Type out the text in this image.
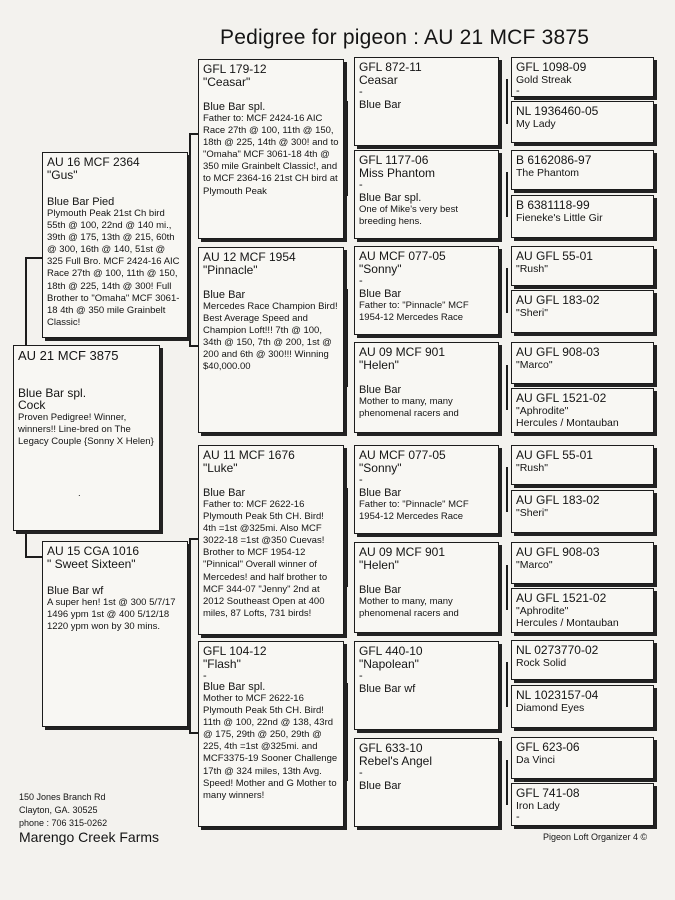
Pedigree for pigeon : AU 21 MCF 3875
AU 21 MCF 3875
Blue Bar spl.
Cock
Proven Pedigree! Winner, winners!! Line-bred on The Legacy Couple {Sonny X Helen}
.
AU 16 MCF 2364
"Gus"
Blue Bar Pied
Plymouth Peak 21st Ch bird 55th @ 100, 22nd @ 140 mi., 39th @ 175, 13th @ 215, 60th @ 300, 16th @ 140, 51st @ 325 Full Bro. MCF 2424-16 AIC Race 27th @ 100, 11th @ 150, 18th @ 225, 14th @ 300! Full Brother to "Omaha" MCF 3061-18 4th @ 350 mile Grainbelt Classic!
AU 15 CGA 1016
" Sweet Sixteen"
Blue Bar wf
A super hen! 1st @ 300 5/7/17 1496 ypm 1st @ 400 5/12/18 1220 ypm won by 30 mins.
GFL 179-12
"Ceasar"
Blue Bar spl.
Father to: MCF 2424-16 AIC Race 27th @ 100, 11th @ 150, 18th @ 225, 14th @ 300! and to "Omaha" MCF 3061-18 4th @ 350 mile Grainbelt Classic!, and to MCF 2364-16 21st CH bird at Plymouth Peak
AU 12 MCF 1954
"Pinnacle"
Blue Bar
Mercedes Race Champion Bird! Best Average Speed and Champion Loft!!! 7th @ 100, 34th @ 150, 7th @ 200, 1st @ 200 and 6th @ 300!!! Winning $40,000.00
AU 11 MCF 1676
"Luke"
Blue Bar
Father to: MCF 2622-16 Plymouth Peak 5th CH. Bird! 4th =1st @325mi. Also MCF 3022-18 =1st @350 Cuevas! Brother to MCF 1954-12 "Pinnical" Overall winner of Mercedes! and half brother to MCF 344-07 "Jenny" 2nd at 2012 Southeast Open at 400 miles, 87 Lofts, 731 birds!
GFL 104-12
"Flash"
-
Blue Bar spl.
Mother to MCF 2622-16 Plymouth Peak 5th CH. Bird! 11th @ 100, 22nd @ 138, 43rd @ 175, 29th @ 250, 29th @ 225, 4th =1st @325mi. and MCF3375-19 Sooner Challenge 17th @ 324 miles, 13th Avg. Speed! Mother and G Mother to many winners!
GFL 872-11
Ceasar
-
Blue Bar
GFL 1177-06
Miss Phantom
-
Blue Bar spl.
One of Mike's very best breeding hens.
AU MCF 077-05
"Sonny"
-
Blue Bar
Father to: "Pinnacle" MCF 1954-12 Mercedes Race
AU 09 MCF 901
"Helen"
Blue Bar
Mother to many, many phenomenal racers and
AU MCF 077-05
"Sonny"
-
Blue Bar
Father to: "Pinnacle" MCF 1954-12 Mercedes Race
AU 09 MCF 901
"Helen"
Blue Bar
Mother to many, many phenomenal racers and
GFL 440-10
"Napolean"
-
Blue Bar wf
GFL 633-10
Rebel's Angel
-
Blue Bar
GFL 1098-09
Gold Streak
-
NL 1936460-05
My Lady
B 6162086-97
The Phantom
B 6381118-99
Fieneke's Little Gir
AU GFL 55-01
"Rush"
AU GFL 183-02
"Sheri"
AU GFL 908-03
"Marco"
AU GFL 1521-02
"Aphrodite"
Hercules / Montauban
AU GFL 55-01
"Rush"
AU GFL 183-02
"Sheri"
AU GFL 908-03
"Marco"
AU GFL 1521-02
"Aphrodite"
Hercules / Montauban
NL 0273770-02
Rock Solid
NL 1023157-04
Diamond Eyes
GFL 623-06
Da Vinci
GFL 741-08
Iron Lady
-
150 Jones Branch Rd
Clayton, GA. 30525
phone : 706 315-0262
Marengo Creek Farms	Pigeon Loft Organizer 4 ©
